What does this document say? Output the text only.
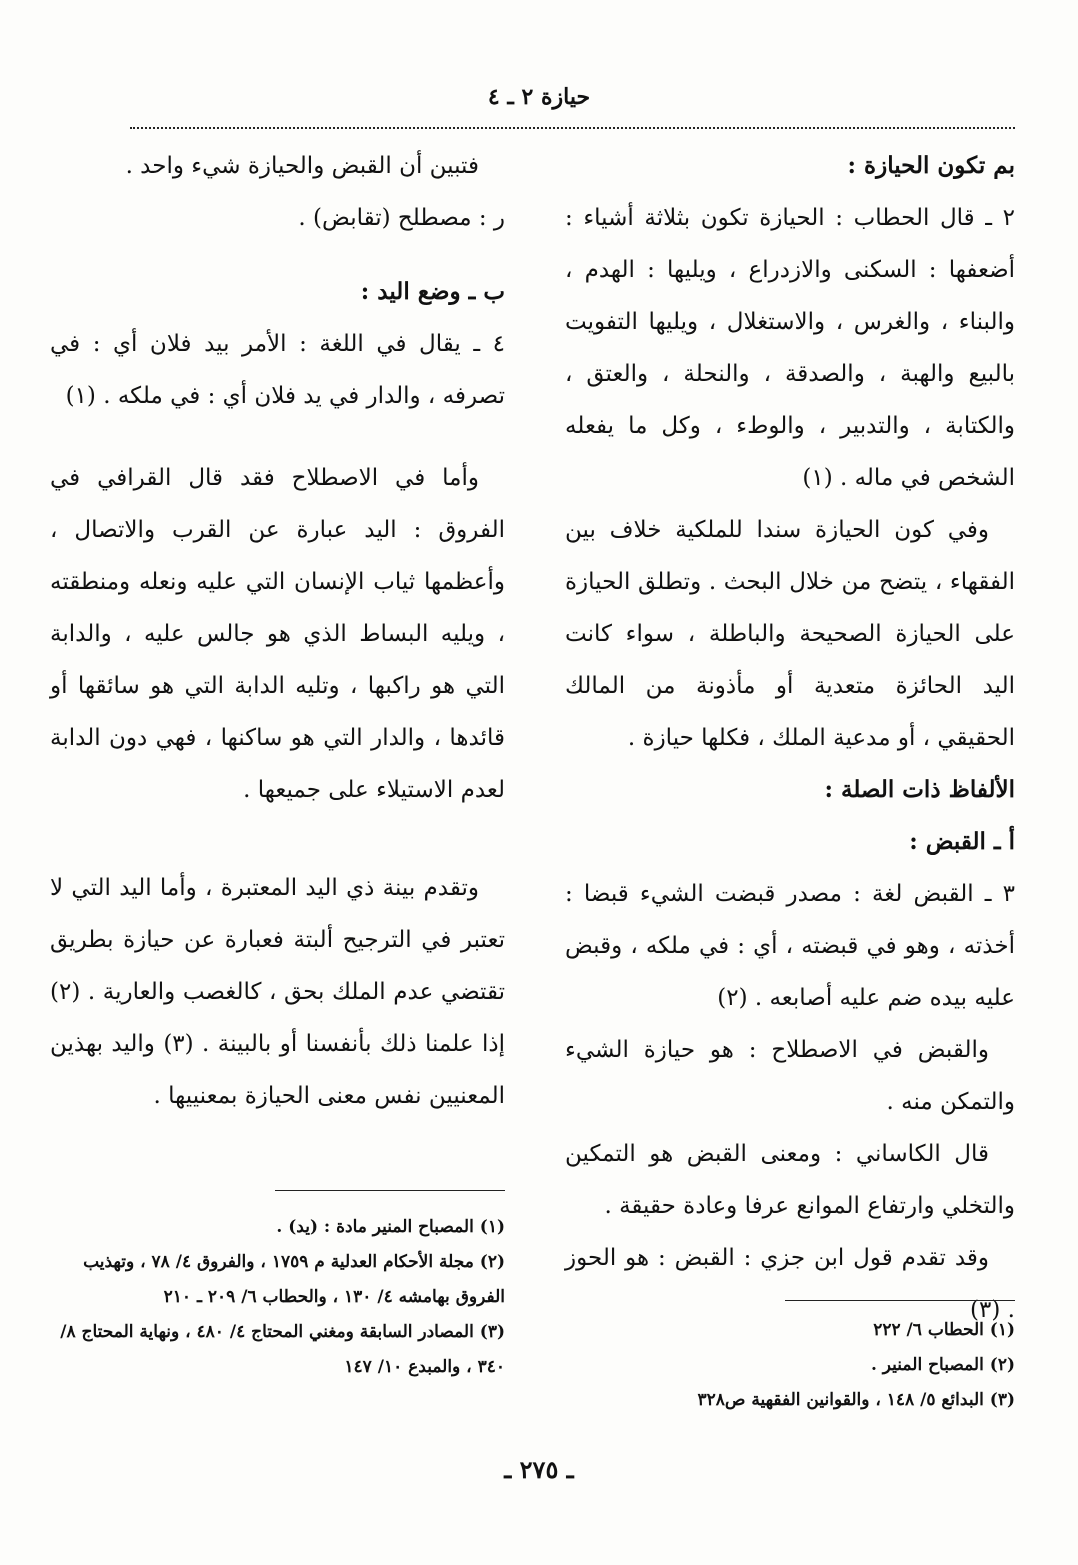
حيازة ٢ ـ ٤

بم تكون الحيازة :

٢ ـ قال الحطاب : الحيازة تكون بثلاثة أشياء : أضعفها : السكنى والازدراع ، ويليها : الهدم ، والبناء ، والغرس ، والاستغلال ، ويليها التفويت بالبيع والهبة ، والصدقة ، والنحلة ، والعتق ، والكتابة ، والتدبير ، والوطء ، وكل ما يفعله الشخص في ماله . (١)

وفي كون الحيازة سندا للملكية خلاف بين الفقهاء ، يتضح من خلال البحث . وتطلق الحيازة على الحيازة الصحيحة والباطلة ، سواء كانت اليد الحائزة متعدية أو مأذونة من المالك الحقيقي ، أو مدعية الملك ، فكلها حيازة .

الألفاظ ذات الصلة :

أ ـ القبض :

٣ ـ القبض لغة : مصدر قبضت الشيء قبضا : أخذته ، وهو في قبضته ، أي : في ملكه ، وقبض عليه بيده ضم عليه أصابعه . (٢)

والقبض في الاصطلاح : هو حيازة الشيء والتمكن منه .

قال الكاساني : ومعنى القبض هو التمكين والتخلي وارتفاع الموانع عرفا وعادة حقيقة .

وقد تقدم قول ابن جزي : القبض : هو الحوز . (٣)

(١) الحطاب ٦/ ٢٢٢

(٢) المصباح المنير .

(٣) البدائع ٥/ ١٤٨ ، والقوانين الفقهية ص٣٢٨

فتبين أن القبض والحيازة شيء واحد .

ر : مصطلح (تقابض) .

ب ـ وضع اليد :

٤ ـ يقال في اللغة : الأمر بيد فلان أي : في تصرفه ، والدار في يد فلان أي : في ملكه . (١)

وأما في الاصطلاح فقد قال القرافي في الفروق : اليد عبارة عن القرب والاتصال ، وأعظمها ثياب الإنسان التي عليه ونعله ومنطقته ، ويليه البساط الذي هو جالس عليه ، والدابة التي هو راكبها ، وتليه الدابة التي هو سائقها أو قائدها ، والدار التي هو ساكنها ، فهي دون الدابة لعدم الاستيلاء على جميعها .

وتقدم بينة ذي اليد المعتبرة ، وأما اليد التي لا تعتبر في الترجيح ألبتة فعبارة عن حيازة بطريق تقتضي عدم الملك بحق ، كالغصب والعارية . (٢) إذا علمنا ذلك بأنفسنا أو بالبينة . (٣) واليد بهذين المعنيين نفس معنى الحيازة بمعنييها .

(١) المصباح المنير مادة : (يد) .

(٢) مجلة الأحكام العدلية م ١٧٥٩ ، والفروق ٤/ ٧٨ ، وتهذيب الفروق بهامشه ٤/ ١٣٠ ، والحطاب ٦/ ٢٠٩ ـ ٢١٠

(٣) المصادر السابقة ومغني المحتاج ٤/ ٤٨٠ ، ونهاية المحتاج ٨/ ٣٤٠ ، والمبدع ١٠/ ١٤٧

ـ ٢٧٥ ـ
